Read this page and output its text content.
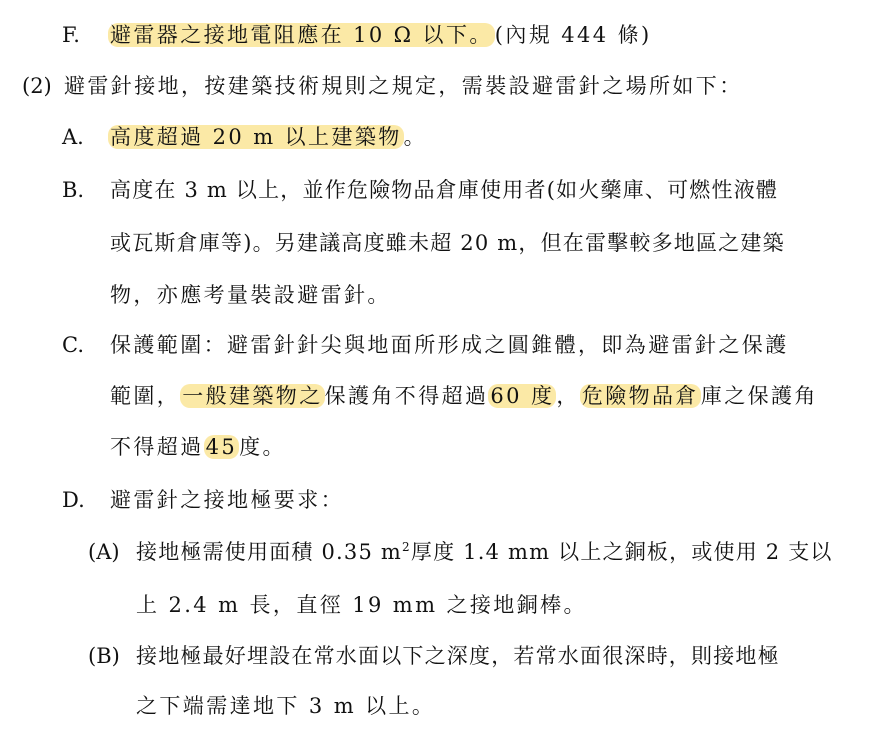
F. 避雷器之接地電阻應在 10 Ω 以下。(內規 444 條)
(2) 避雷針接地，按建築技術規則之規定，需裝設避雷針之場所如下：
A. 高度超過 20 m 以上建築物。
B. 高度在 3 m 以上，並作危險物品倉庫使用者(如火藥庫、可燃性液體
或瓦斯倉庫等)。另建議高度雖未超 20 m，但在雷擊較多地區之建築
物，亦應考量裝設避雷針。
C. 保護範圍：避雷針針尖與地面所形成之圓錐體，即為避雷針之保護
範圍，一般建築物之保護角不得超過60 度，危險物品倉庫之保護角
不得超過45度。
D. 避雷針之接地極要求：
(A) 接地極需使用面積 0.35 $m^2$厚度 1.4 mm 以上之銅板，或使用 2 支以
上 2.4 m 長，直徑 19 mm 之接地銅棒。
(B) 接地極最好埋設在常水面以下之深度，若常水面很深時，則接地極
之下端需達地下 3 m 以上。
